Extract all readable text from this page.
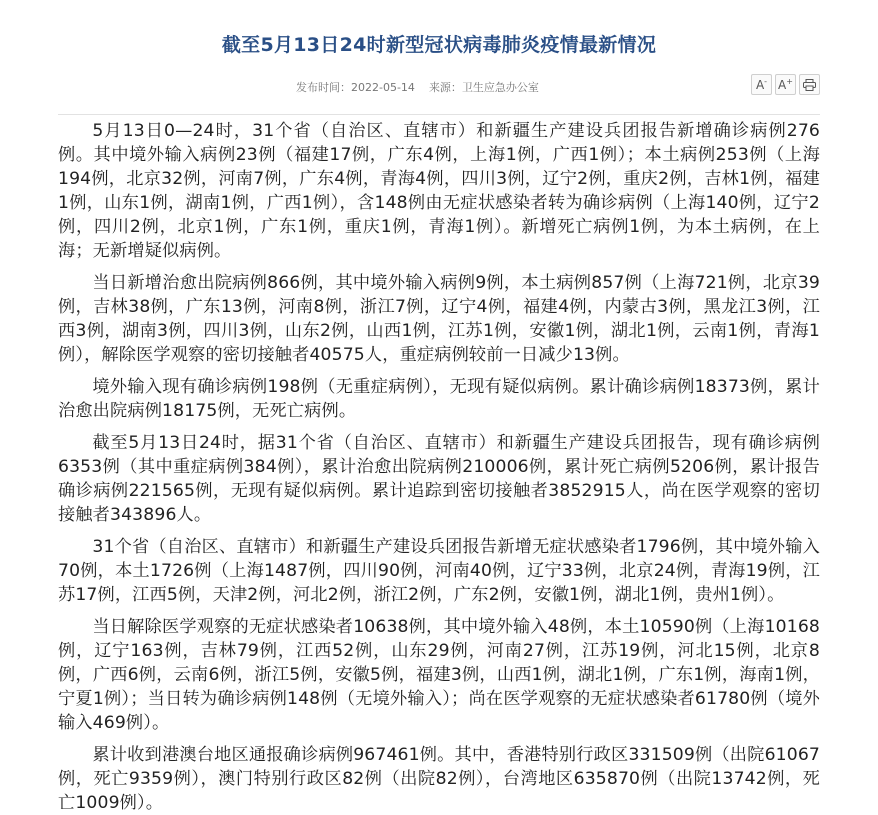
截至5月13日24时新型冠状病毒肺炎疫情最新情况
发布时间：2022-05-14 来源：卫生应急办公室	A- A+

5月13日0—24时，31个省（自治区、直辖市）和新疆生产建设兵团报告新增确诊病例276例。其中境外输入病例23例（福建17例，广东4例，上海1例，广西1例）；本土病例253例（上海194例，北京32例，河南7例，广东4例，青海4例，四川3例，辽宁2例，重庆2例，吉林1例，福建1例，山东1例，湖南1例，广西1例），含148例由无症状感染者转为确诊病例（上海140例，辽宁2例，四川2例，北京1例，广东1例，重庆1例，青海1例）。新增死亡病例1例，为本土病例，在上海；无新增疑似病例。

当日新增治愈出院病例866例，其中境外输入病例9例，本土病例857例（上海721例，北京39例，吉林38例，广东13例，河南8例，浙江7例，辽宁4例，福建4例，内蒙古3例，黑龙江3例，江西3例，湖南3例，四川3例，山东2例，山西1例，江苏1例，安徽1例，湖北1例，云南1例，青海1例），解除医学观察的密切接触者40575人，重症病例较前一日减少13例。

境外输入现有确诊病例198例（无重症病例），无现有疑似病例。累计确诊病例18373例，累计治愈出院病例18175例，无死亡病例。

截至5月13日24时，据31个省（自治区、直辖市）和新疆生产建设兵团报告，现有确诊病例6353例（其中重症病例384例），累计治愈出院病例210006例，累计死亡病例5206例，累计报告确诊病例221565例，无现有疑似病例。累计追踪到密切接触者3852915人，尚在医学观察的密切接触者343896人。

31个省（自治区、直辖市）和新疆生产建设兵团报告新增无症状感染者1796例，其中境外输入70例，本土1726例（上海1487例，四川90例，河南40例，辽宁33例，北京24例，青海19例，江苏17例，江西5例，天津2例，河北2例，浙江2例，广东2例，安徽1例，湖北1例，贵州1例）。

当日解除医学观察的无症状感染者10638例，其中境外输入48例，本土10590例（上海10168例，辽宁163例，吉林79例，江西52例，山东29例，河南27例，江苏19例，河北15例，北京8例，广西6例，云南6例，浙江5例，安徽5例，福建3例，山西1例，湖北1例，广东1例，海南1例，宁夏1例）；当日转为确诊病例148例（无境外输入）；尚在医学观察的无症状感染者61780例（境外输入469例）。

累计收到港澳台地区通报确诊病例967461例。其中，香港特别行政区331509例（出院61067例，死亡9359例），澳门特别行政区82例（出院82例），台湾地区635870例（出院13742例，死亡1009例）。
